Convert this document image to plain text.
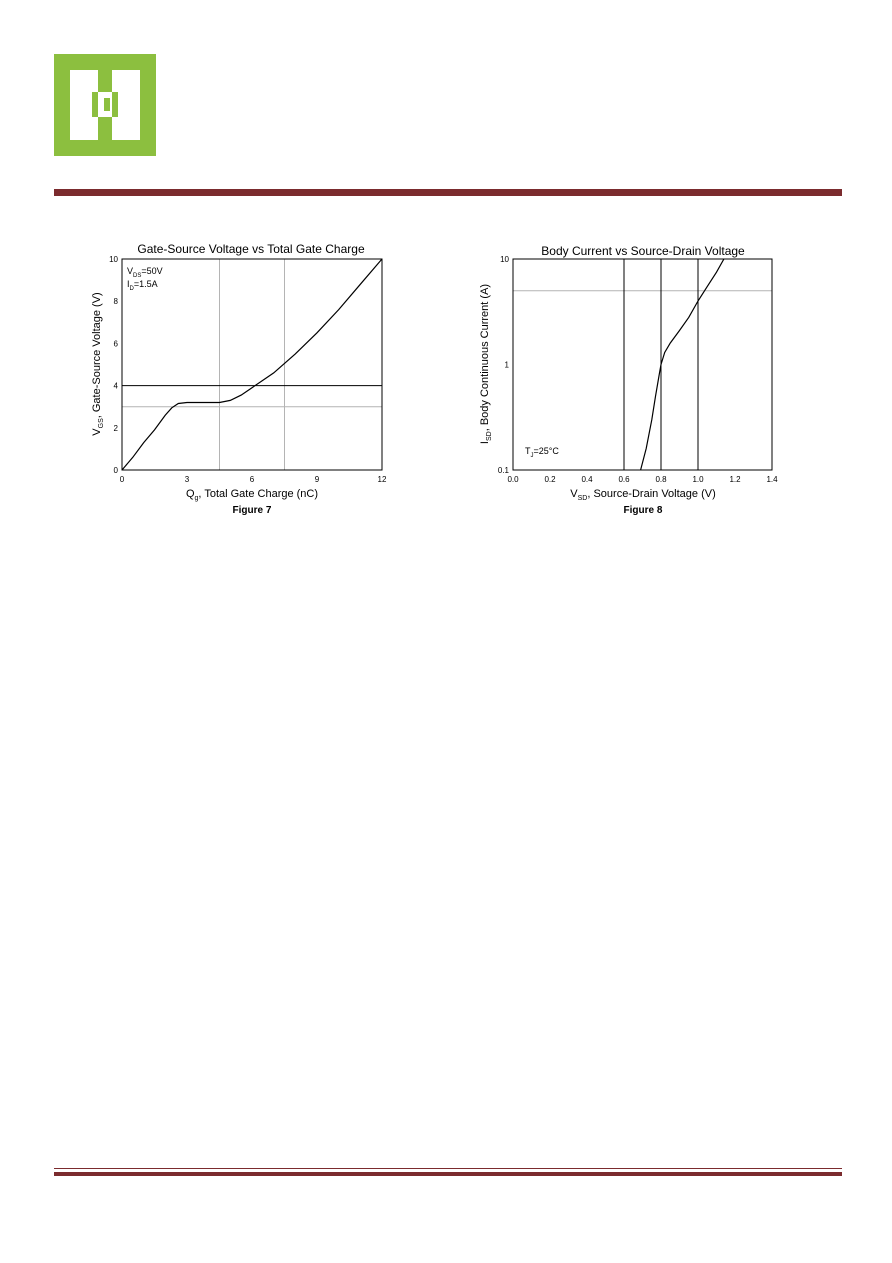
Gate-Source Voltage vs Total Gate Charge
0
2
4
6
8
10
0	3	6	9	12
$V_{DS}=50V$
$I_D=1.5A$
$Q_g$, Total Gate Charge (nC)
$V_{GS}$, Gate-Source Voltage (V)
Figure 7
Body Current vs Source-Drain Voltage
0.1
1
10
0.0	0.2	0.4	0.6	0.8	1.0	1.2	1.4
$T_J=25^\circ C$
$V_{SD}$, Source-Drain Voltage (V)
$I_{SD}$, Body Continuous Current (A)
Figure 8
